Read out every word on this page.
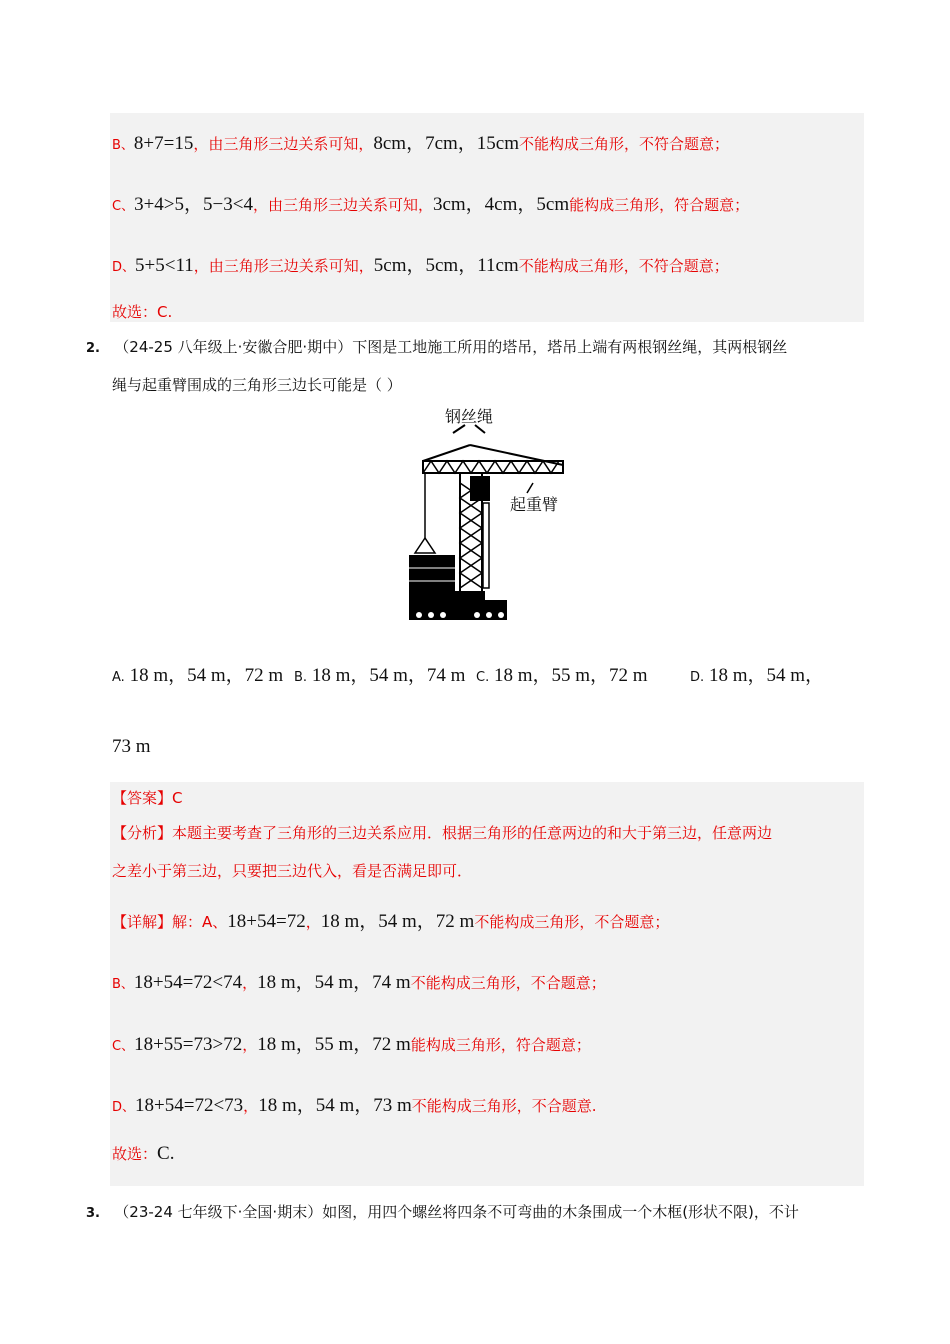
B、8+7=15，由三角形三边关系可知，8cm，7cm，15cm不能构成三角形，不符合题意；
C、3+4>5，5−3<4，由三角形三边关系可知，3cm，4cm，5cm能构成三角形，符合题意；
D、5+5<11，由三角形三边关系可知，5cm，5cm，11cm不能构成三角形，不符合题意；
故选：C.
2. （24-25 八年级上·安徽合肥·期中）下图是工地施工所用的塔吊，塔吊上端有两根钢丝绳，其两根钢丝
绳与起重臂围成的三角形三边长可能是（ ）
钢丝绳
起重臂
A. 18 m，54 m，72 m B. 18 m，54 m，74 m C. 18 m，55 m，72 m	D. 18 m，54 m，
73 m
【答案】C
【分析】本题主要考查了三角形的三边关系应用．根据三角形的任意两边的和大于第三边，任意两边
之差小于第三边，只要把三边代入，看是否满足即可．
【详解】解：A、18+54=72，18 m，54 m，72 m不能构成三角形，不合题意；
B、18+54=72<74，18 m，54 m，74 m不能构成三角形，不合题意；
C、18+55=73>72，18 m，55 m，72 m能构成三角形，符合题意；
D、18+54=72<73，18 m，54 m，73 m不能构成三角形，不合题意.
故选：C.
3. （23-24 七年级下·全国·期末）如图，用四个螺丝将四条不可弯曲的木条围成一个木框(形状不限)，不计
